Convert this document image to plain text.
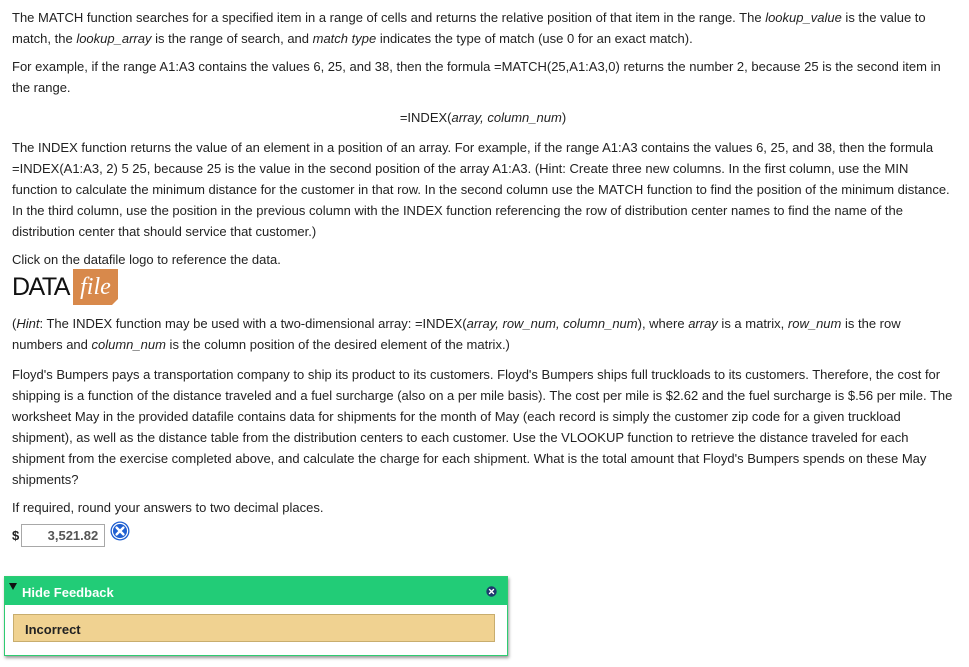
The MATCH function searches for a specified item in a range of cells and returns the relative position of that item in the range. The lookup_value is the value to match, the lookup_array is the range of search, and match type indicates the type of match (use 0 for an exact match).

For example, if the range A1:A3 contains the values 6, 25, and 38, then the formula =MATCH(25,A1:A3,0) returns the number 2, because 25 is the second item in the range.

=INDEX(array, column_num)

The INDEX function returns the value of an element in a position of an array. For example, if the range A1:A3 contains the values 6, 25, and 38, then the formula =INDEX(A1:A3, 2) 5 25, because 25 is the value in the second position of the array A1:A3. (Hint: Create three new columns. In the first column, use the MIN function to calculate the minimum distance for the customer in that row. In the second column use the MATCH function to find the position of the minimum distance. In the third column, use the position in the previous column with the INDEX function referencing the row of distribution center names to find the name of the distribution center that should service that customer.)

Click on the datafile logo to reference the data.

DATA file

(Hint: The INDEX function may be used with a two-dimensional array: =INDEX(array, row_num, column_num), where array is a matrix, row_num is the row numbers and column_num is the column position of the desired element of the matrix.)

Floyd's Bumpers pays a transportation company to ship its product to its customers. Floyd's Bumpers ships full truckloads to its customers. Therefore, the cost for shipping is a function of the distance traveled and a fuel surcharge (also on a per mile basis). The cost per mile is $2.62 and the fuel surcharge is $.56 per mile. The worksheet May in the provided datafile contains data for shipments for the month of May (each record is simply the customer zip code for a given truckload shipment), as well as the distance table from the distribution centers to each customer. Use the VLOOKUP function to retrieve the distance traveled for each shipment from the exercise completed above, and calculate the charge for each shipment. What is the total amount that Floyd's Bumpers spends on these May shipments?

If required, round your answers to two decimal places.

$
3,521.82
Hide Feedback
Incorrect
